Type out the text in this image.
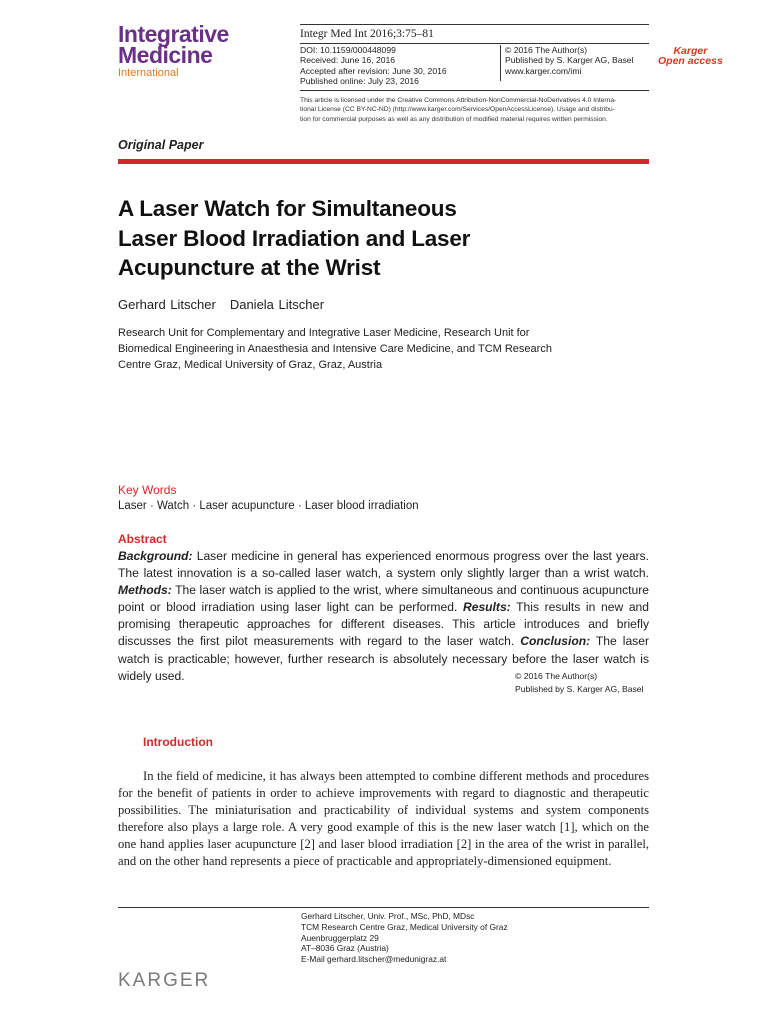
Integrative
Medicine
International
Integr Med Int 2016;3:75–81
DOI: 10.1159/000448099
Received: June 16, 2016
Accepted after revision: June 30, 2016
Published online: July 23, 2016
© 2016 The Author(s)
Published by S. Karger AG, Basel
www.karger.com/imi
This article is licensed under the Creative Commons Attribution-NonCommercial-NoDerivatives 4.0 Interna-
tional License (CC BY-NC-ND) (http://www.karger.com/Services/OpenAccessLicense). Usage and distribu-
tion for commercial purposes as well as any distribution of modified material requires written permission.
Karger
Open access
Original Paper
A Laser Watch for Simultaneous
Laser Blood Irradiation and Laser
Acupuncture at the Wrist
Gerhard Litscher Daniela Litscher
Research Unit for Complementary and Integrative Laser Medicine, Research Unit for
Biomedical Engineering in Anaesthesia and Intensive Care Medicine, and TCM Research
Centre Graz, Medical University of Graz, Graz, Austria
Key Words
Laser · Watch · Laser acupuncture · Laser blood irradiation
Abstract

Background: Laser medicine in general has experienced enormous progress over the last years. The latest innovation is a so-called laser watch, a system only slightly larger than a wrist watch. Methods: The laser watch is applied to the wrist, where simultaneous and continuous acupuncture point or blood irradiation using laser light can be performed. Results: This results in new and promising therapeutic approaches for different diseases. This article introduces and briefly discusses the first pilot measurements with regard to the laser watch. Conclusion: The laser watch is practicable; however, further research is absolutely necessary before the laser watch is widely used.	© 2016 The Author(s)
Published by S. Karger AG, Basel
Introduction

In the field of medicine, it has always been attempted to combine different methods and procedures for the benefit of patients in order to achieve improvements with regard to diagnostic and therapeutic possibilities. The miniaturisation and practicability of individual systems and system components therefore also plays a large role. A very good example of this is the new laser watch [1], which on the one hand applies laser acupuncture [2] and laser blood irradiation [2] in the area of the wrist in parallel, and on the other hand represents a piece of practicable and appropriately-dimensioned equipment.

Gerhard Litscher, Univ. Prof., MSc, PhD, MDsc
TCM Research Centre Graz, Medical University of Graz
Auenbruggerplatz 29
AT–8036 Graz (Austria)
E-Mail gerhard.litscher@medunigraz.at
KARGER
